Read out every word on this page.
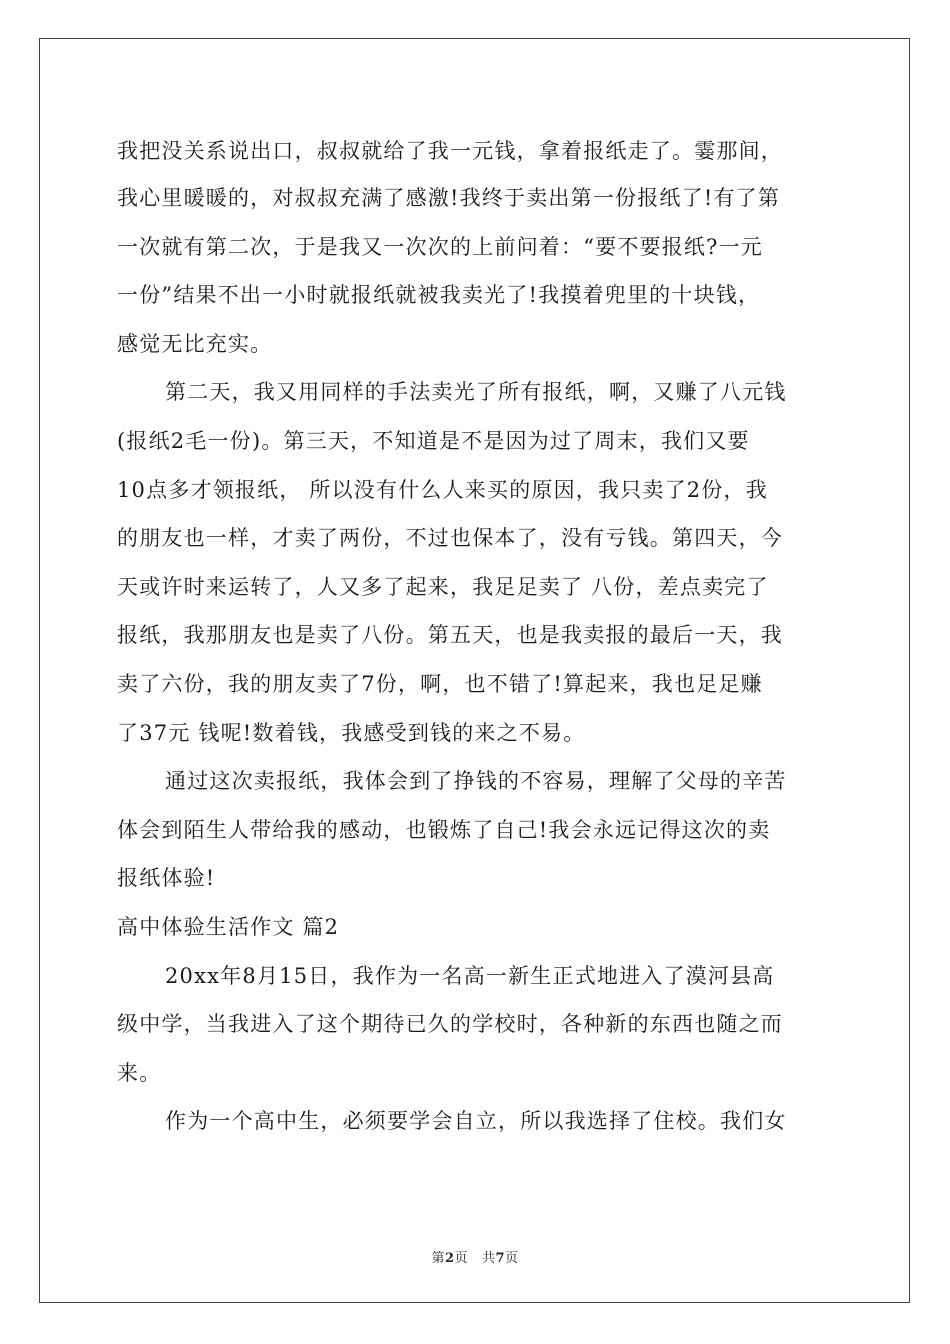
我把没关系说出口，叔叔就给了我一元钱，拿着报纸走了。霎那间，
我心里暖暖的，对叔叔充满了感激!我终于卖出第一份报纸了!有了第
一次就有第二次，于是我又一次次的上前问着：“要不要报纸?一元
一份”结果不出一小时就报纸就被我卖光了!我摸着兜里的十块钱，
感觉无比充实。
第二天，我又用同样的手法卖光了所有报纸，啊，又赚了八元钱
(报纸2毛一份)。第三天，不知道是不是因为过了周末，我们又要
10点多才领报纸， 所以没有什么人来买的原因，我只卖了2份，我
的朋友也一样，才卖了两份，不过也保本了，没有亏钱。第四天，今
天或许时来运转了，人又多了起来，我足足卖了 八份，差点卖完了
报纸，我那朋友也是卖了八份。第五天，也是我卖报的最后一天，我
卖了六份，我的朋友卖了7份，啊，也不错了!算起来，我也足足赚
了37元 钱呢!数着钱，我感受到钱的来之不易。
通过这次卖报纸，我体会到了挣钱的不容易，理解了父母的辛苦
体会到陌生人带给我的感动，也锻炼了自己!我会永远记得这次的卖
报纸体验!
高中体验生活作文 篇2
20xx年8月15日，我作为一名高一新生正式地进入了漠河县高
级中学，当我进入了这个期待已久的学校时，各种新的东西也随之而
来。
作为一个高中生，必须要学会自立，所以我选择了住校。我们女
第2页   共7页
